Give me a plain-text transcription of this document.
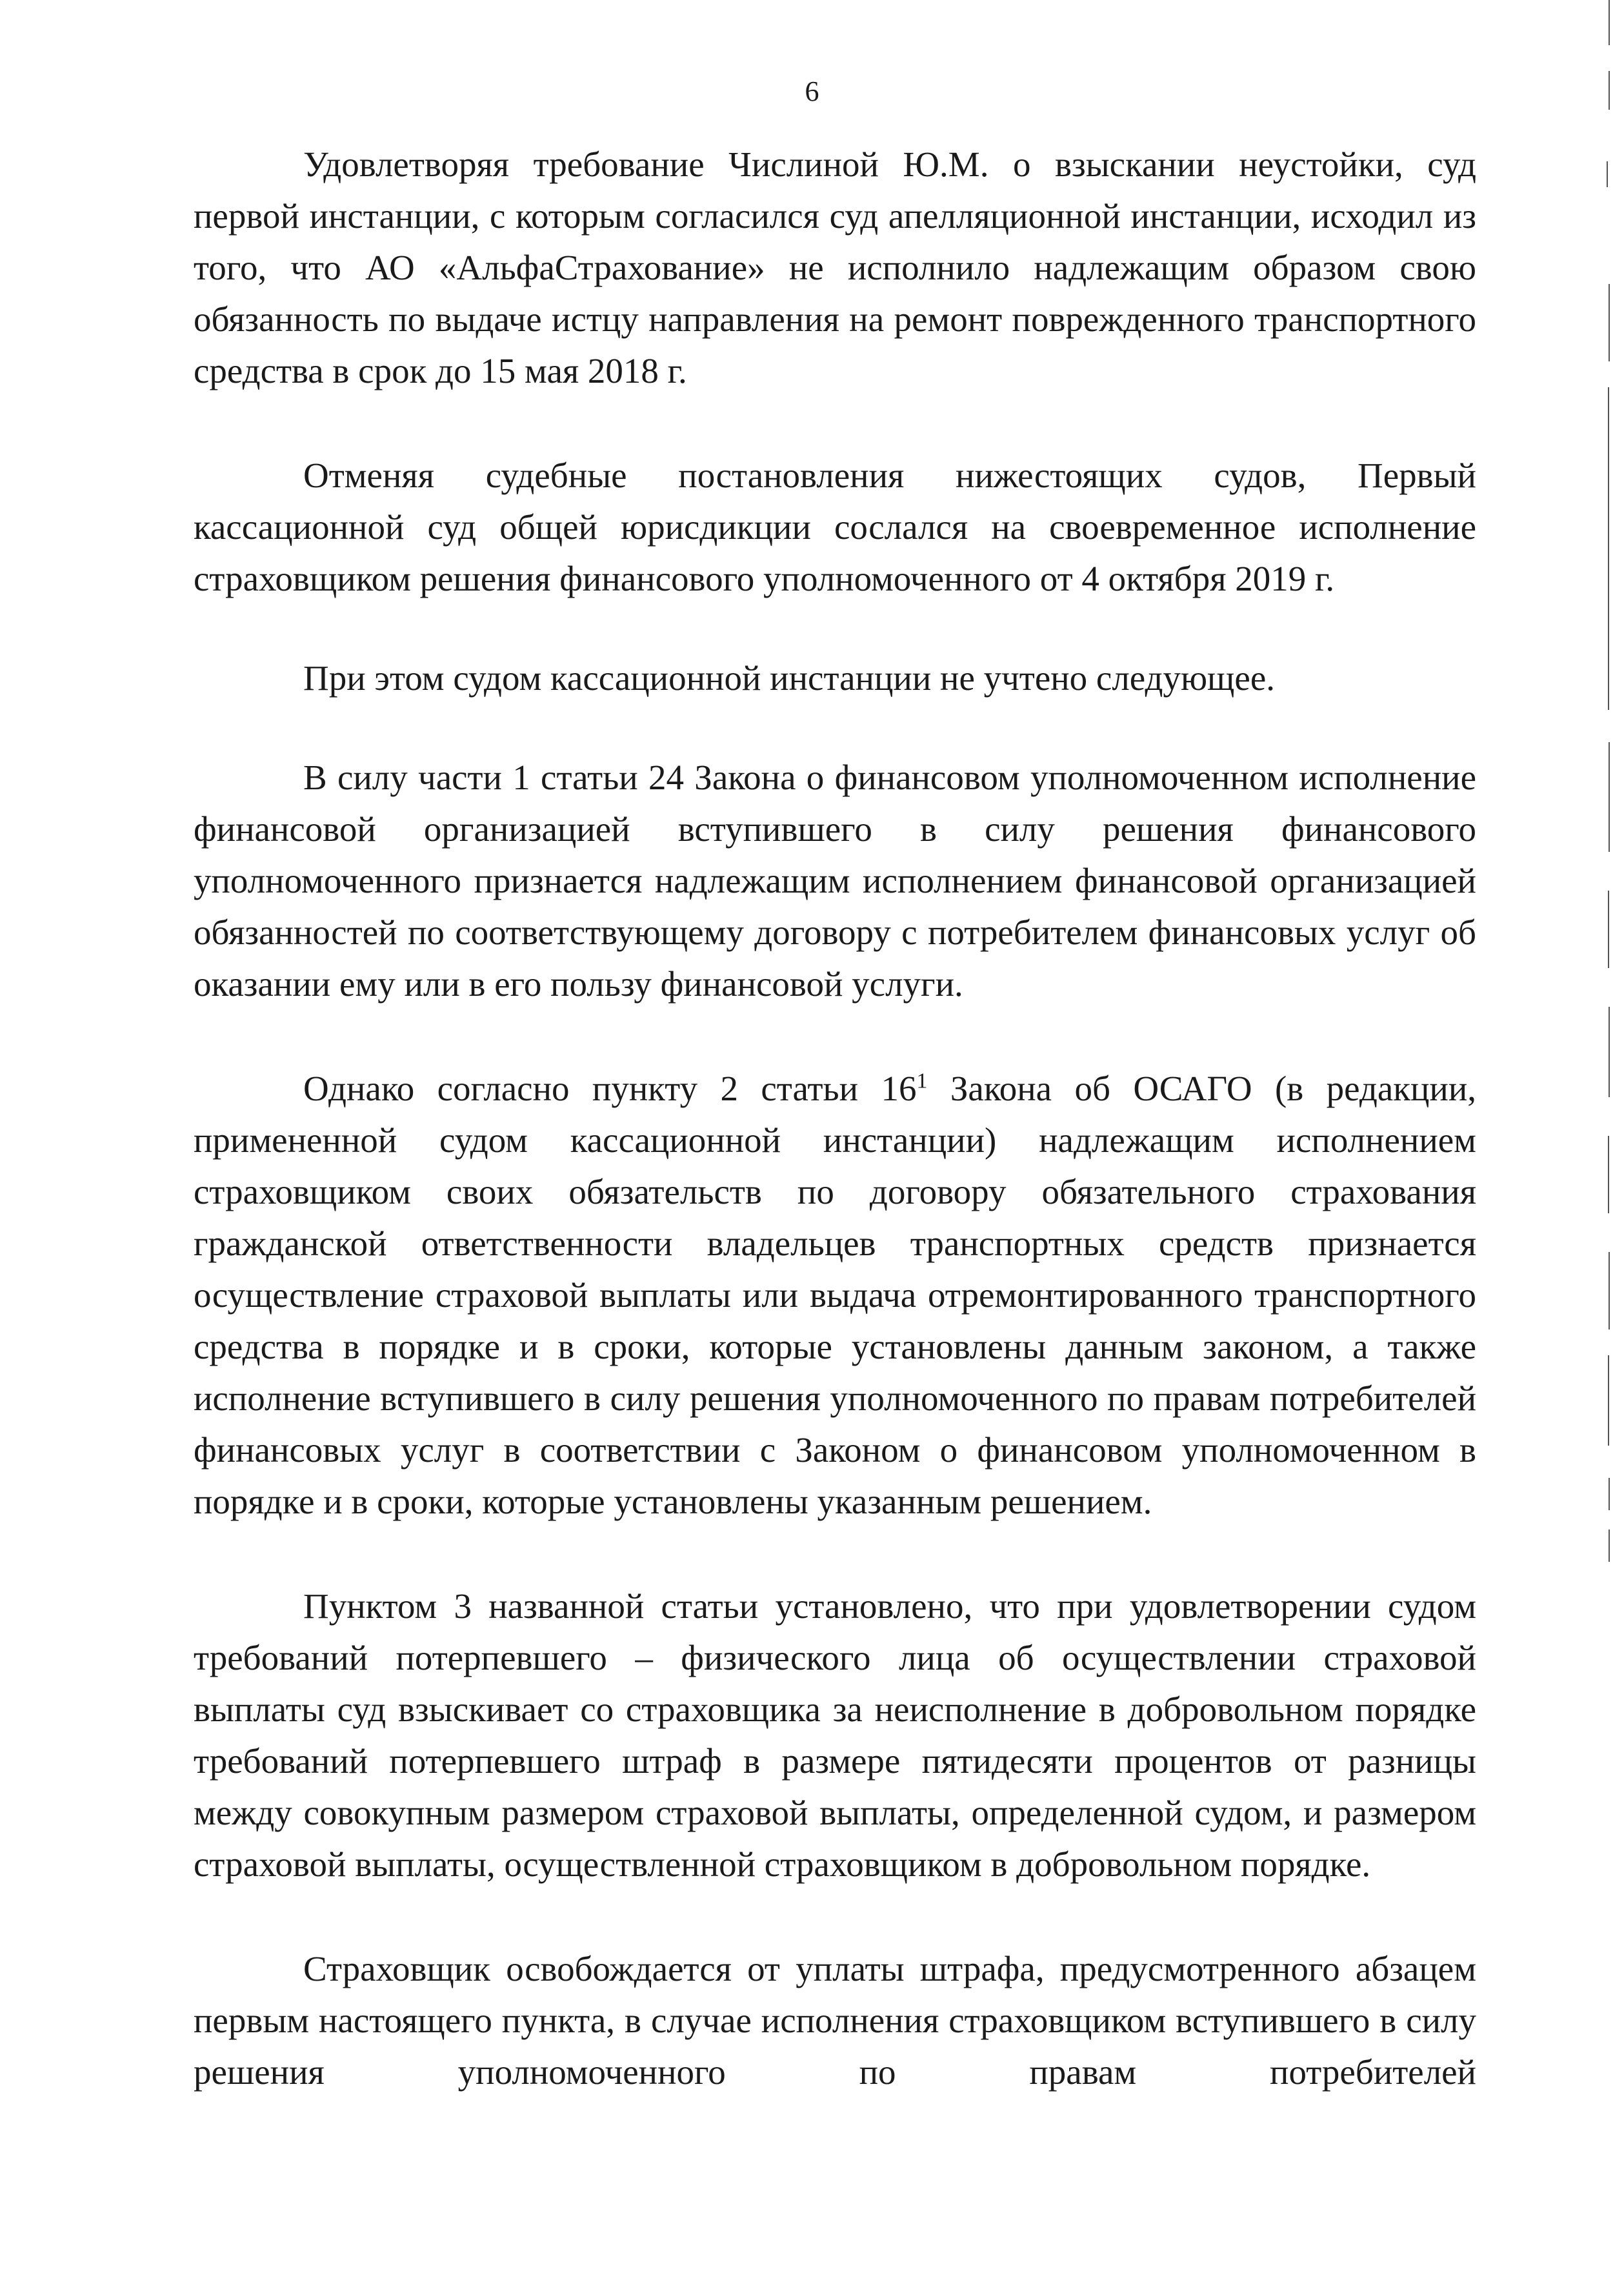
6

Удовлетворяя требование Числиной Ю.М. о взыскании неустойки, суд первой инстанции, с которым согласился суд апелляционной инстанции, исходил из того, что АО «АльфаСтрахование» не исполнило надлежащим образом свою обязанность по выдаче истцу направления на ремонт поврежденного транспортного средства в срок до 15 мая 2018 г.

Отменяя судебные постановления нижестоящих судов, Первый кассационной суд общей юрисдикции сослался на своевременное исполнение страховщиком решения финансового уполномоченного от 4 октября 2019 г.

При этом судом кассационной инстанции не учтено следующее.

В силу части 1 статьи 24 Закона о финансовом уполномоченном исполнение финансовой организацией вступившего в силу решения финансового уполномоченного признается надлежащим исполнением финансовой организацией обязанностей по соответствующему договору с потребителем финансовых услуг об оказании ему или в его пользу финансовой услуги.

Однако согласно пункту 2 статьи $16^1$ Закона об ОСАГО (в редакции, примененной судом кассационной инстанции) надлежащим исполнением страховщиком своих обязательств по договору обязательного страхования гражданской ответственности владельцев транспортных средств признается осуществление страховой выплаты или выдача отремонтированного транспортного средства в порядке и в сроки, которые установлены данным законом, а также исполнение вступившего в силу решения уполномоченного по правам потребителей финансовых услуг в соответствии с Законом о финансовом уполномоченном в порядке и в сроки, которые установлены указанным решением.

Пунктом 3 названной статьи установлено, что при удовлетворении судом требований потерпевшего – физического лица об осуществлении страховой выплаты суд взыскивает со страховщика за неисполнение в добровольном порядке требований потерпевшего штраф в размере пятидесяти процентов от разницы между совокупным размером страховой выплаты, определенной судом, и размером страховой выплаты, осуществленной страховщиком в добровольном порядке.

Страховщик освобождается от уплаты штрафа, предусмотренного абзацем первым настоящего пункта, в случае исполнения страховщиком вступившего в силу решения уполномоченного по правам потребителей
